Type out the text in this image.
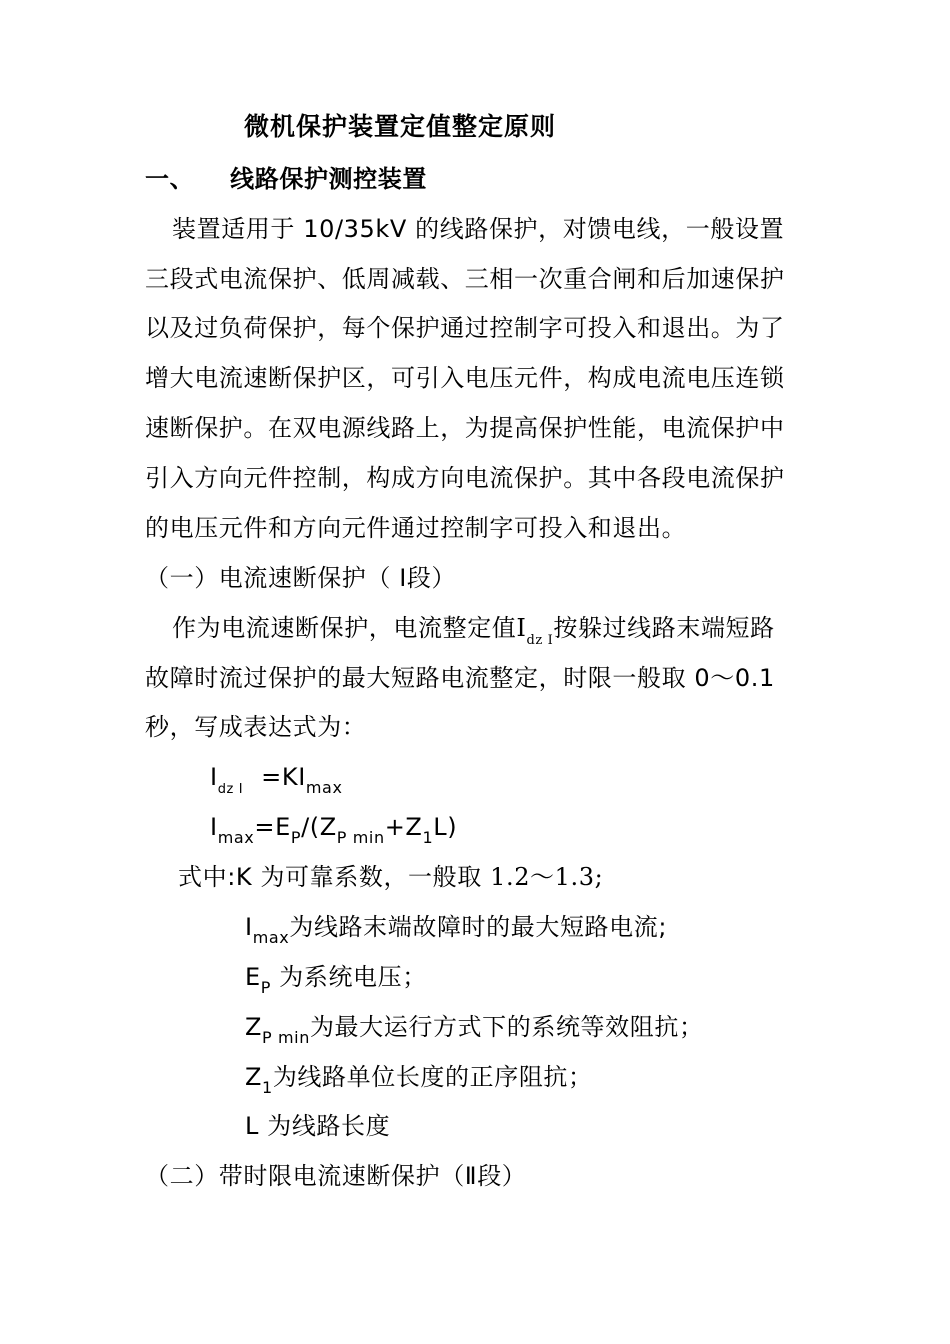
微机保护装置定值整定原则
一、 线路保护测控装置
装置适用于 10/35kV 的线路保护，对馈电线，一般设置
三段式电流保护、低周减载、三相一次重合闸和后加速保护
以及过负荷保护，每个保护通过控制字可投入和退出。为了
增大电流速断保护区，可引入电压元件，构成电流电压连锁
速断保护。在双电源线路上，为提高保护性能，电流保护中
引入方向元件控制，构成方向电流保护。其中各段电流保护
的电压元件和方向元件通过控制字可投入和退出。
（一）电流速断保护（ Ⅰ段）
作为电流速断保护，电流整定值$I_{dz Ⅰ}$按躲过线路末端短路
故障时流过保护的最大短路电流整定，时限一般取 0～0.1
秒，写成表达式为：
$I_{dz Ⅰ} =KI_{max}$
$I_{max}=E_P/(Z_{P min}+Z_1L)$
式中:K 为可靠系数，一般取 1.2～1.3;
$I_{max}$为线路末端故障时的最大短路电流;
$E_P$ 为系统电压；
$Z_{P min}$为最大运行方式下的系统等效阻抗；
$Z_1$为线路单位长度的正序阻抗；
L 为线路长度
（二）带时限电流速断保护（Ⅱ段）
